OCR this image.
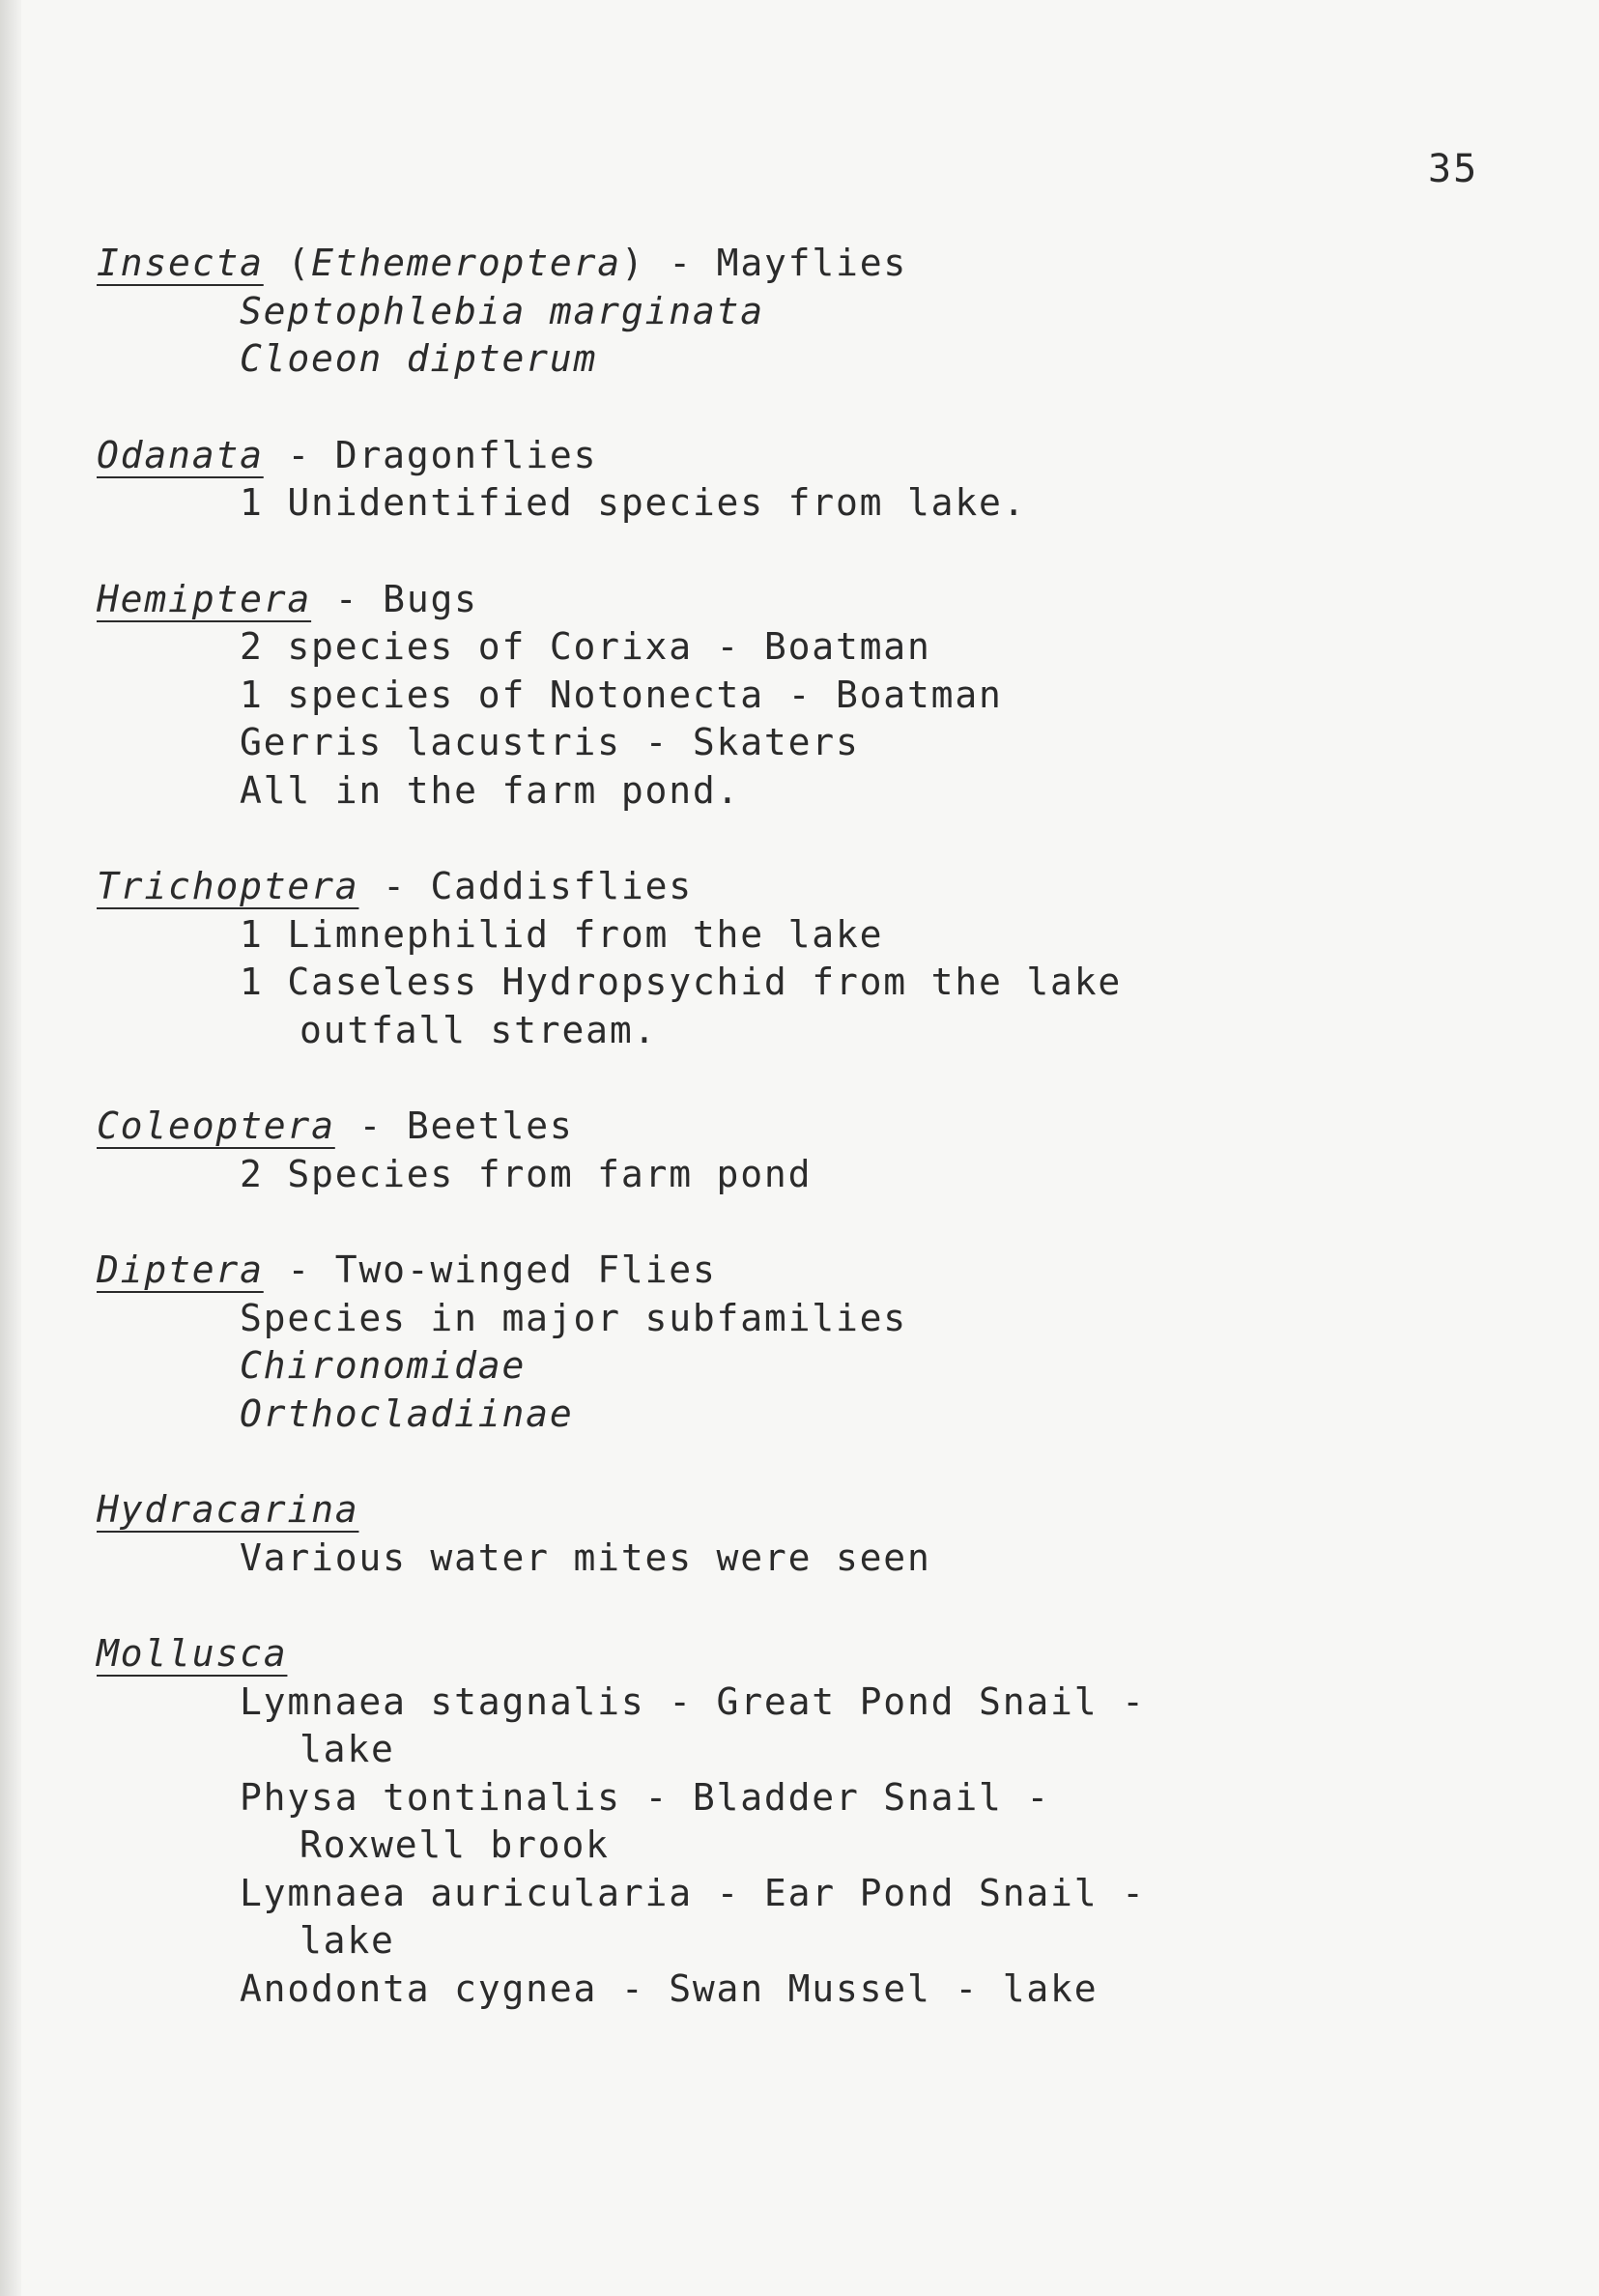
35
Insecta (Ethemeroptera) - Mayflies
Septophlebia marginata
Cloeon dipterum
Odanata - Dragonflies
1 Unidentified species from lake.
Hemiptera - Bugs
2 species of Corixa - Boatman
1 species of Notonecta - Boatman
Gerris lacustris - Skaters
All in the farm pond.
Trichoptera - Caddisflies
1 Limnephilid from the lake
1 Caseless Hydropsychid from the lake
outfall stream.
Coleoptera - Beetles
2 Species from farm pond
Diptera - Two-winged Flies
Species in major subfamilies
Chironomidae
Orthocladiinae
Hydracarina
Various water mites were seen
Mollusca
Lymnaea stagnalis - Great Pond Snail -
lake
Physa tontinalis - Bladder Snail -
Roxwell brook
Lymnaea auricularia - Ear Pond Snail -
lake
Anodonta cygnea - Swan Mussel - lake
